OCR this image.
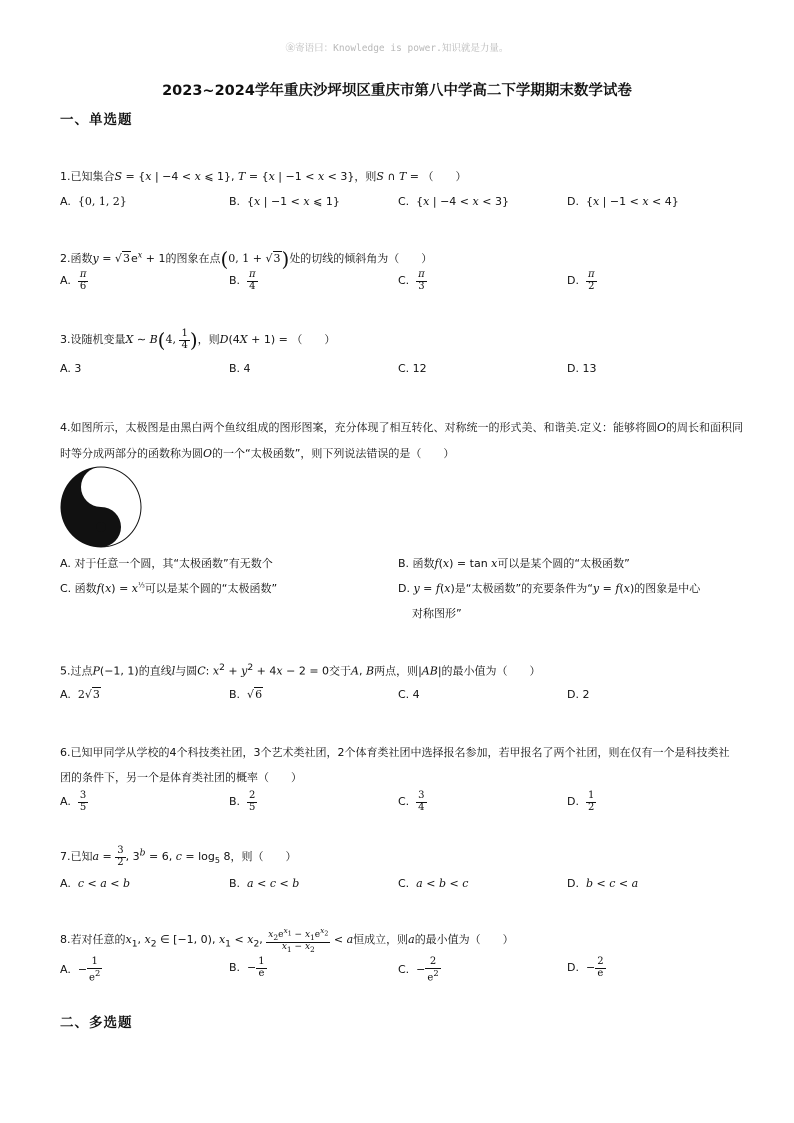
㊎寄语曰：Knowledge is power.知识就是力量。
2023~2024学年重庆沙坪坝区重庆市第八中学高二下学期期末数学试卷
一、单选题
1.已知集合S = {x | −4 < x ⩽ 1}, T = {x | −1 < x < 3}，则S ∩ T = （　　）
A.  {0, 1, 2}	B.  {x | −1 < x ⩽ 1}	C.  {x | −4 < x < 3}	D.  {x | −1 < x < 4}
2.函数$y = √3e^x + 1$的图象在点(0, 1 + √3)处的切线的倾斜角为（　　）
A. $\frac{\pi}{6}$	B. $\frac{\pi}{4}$	C. $\frac{\pi}{3}$	D. $\frac{\pi}{2}$
3.设随机变量X ∼ B(4, $\frac{1}{4}$ )，则D(4X + 1) = （　　）
A. 3	B. 4	C. 12	D. 13
4.如图所示，太极图是由黑白两个鱼纹组成的图形图案，充分体现了相互转化、对称统一的形式美、和谐美.定义：能够将圆O的周长和面积同
时等分成两部分的函数称为圆O的一个“太极函数”，则下列说法错误的是（　　）
A. 对于任意一个圆，其“太极函数”有无数个	B. 函数f(x) = tan x可以是某个圆的“太极函数”
C. 函数$f(x) = x^{\frac{1}{3}}$可以是某个圆的“太极函数”	D. y = f(x)是“太极函数”的充要条件为“y = f(x)的图象是中心
对称图形”
5.过点P(−1, 1)的直线l与圆C: $x^2 + y^2 + 4x - 2 = 0$交于A, B两点，则|AB|的最小值为（　　）
A.  2√3	B.  √6	C. 4	D. 2
6.已知甲同学从学校的4个科技类社团，3个艺术类社团，2个体育类社团中选择报名参加，若甲报名了两个社团，则在仅有一个是科技类社
团的条件下，另一个是体育类社团的概率（　　）
A. $\frac{3}{5}$	B. $\frac{2}{5}$	C. $\frac{3}{4}$	D. $\frac{1}{2}$
7.已知$a = \frac{3}{2}$ , $3^b = 6$, $c = \log_5 8$，则（　　）
A.  c < a < b	B.  a < c < b	C.  a < b < c	D.  b < c < a
8.若对任意的$x_1$, $x_2$ ∈ [−1, 0), $x_1 < x_2$, $\frac{x_2e^{x_1} - x_1e^{x_2}}{x_1 - x_2} < a$恒成立，则a的最小值为（　　）
A.  − $\frac{1}{e^2}$	B.  − $\frac{1}{e}$	C.  − $\frac{2}{e^2}$	D.  − $\frac{2}{e}$
二、多选题
